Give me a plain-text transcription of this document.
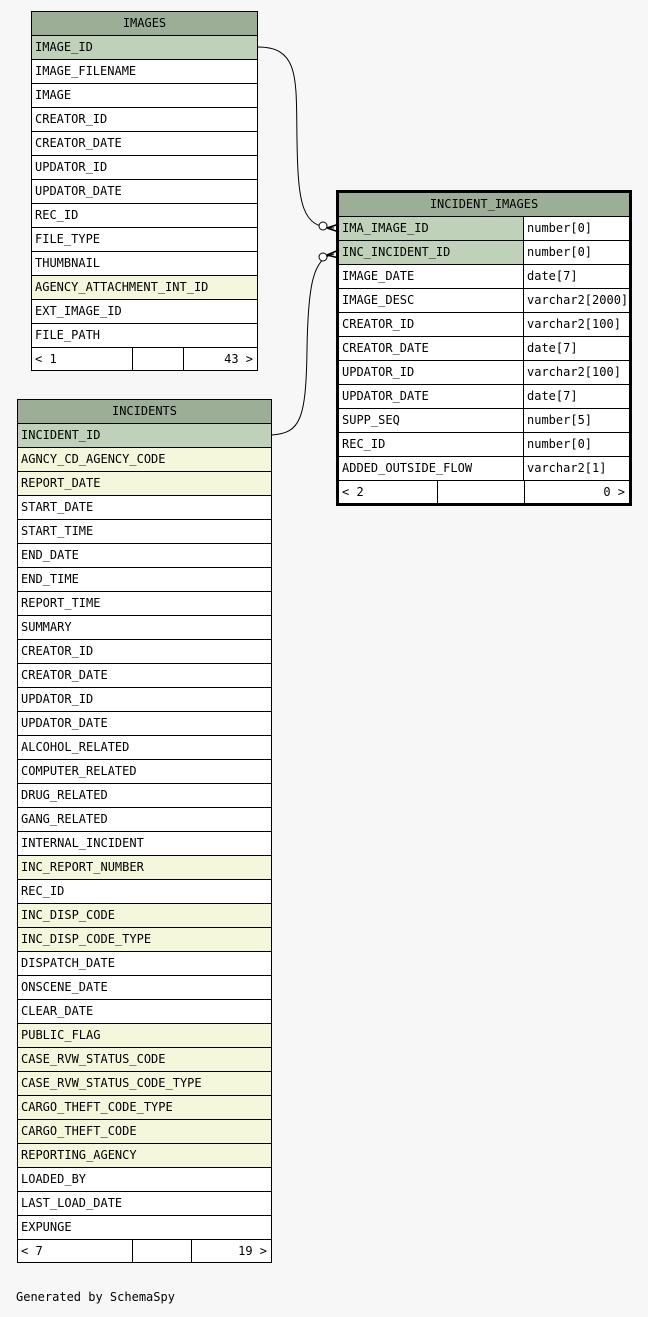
IMAGES
IMAGE_ID
IMAGE_FILENAME
IMAGE
CREATOR_ID
CREATOR_DATE
UPDATOR_ID
UPDATOR_DATE
REC_ID
FILE_TYPE
THUMBNAIL
AGENCY_ATTACHMENT_INT_ID
EXT_IMAGE_ID
FILE_PATH
< 1	43 >
INCIDENTS
INCIDENT_ID
AGNCY_CD_AGENCY_CODE
REPORT_DATE
START_DATE
START_TIME
END_DATE
END_TIME
REPORT_TIME
SUMMARY
CREATOR_ID
CREATOR_DATE
UPDATOR_ID
UPDATOR_DATE
ALCOHOL_RELATED
COMPUTER_RELATED
DRUG_RELATED
GANG_RELATED
INTERNAL_INCIDENT
INC_REPORT_NUMBER
REC_ID
INC_DISP_CODE
INC_DISP_CODE_TYPE
DISPATCH_DATE
ONSCENE_DATE
CLEAR_DATE
PUBLIC_FLAG
CASE_RVW_STATUS_CODE
CASE_RVW_STATUS_CODE_TYPE
CARGO_THEFT_CODE_TYPE
CARGO_THEFT_CODE
REPORTING_AGENCY
LOADED_BY
LAST_LOAD_DATE
EXPUNGE
< 7	19 >
INCIDENT_IMAGES
IMA_IMAGE_ID	number[0]
INC_INCIDENT_ID	number[0]
IMAGE_DATE	date[7]
IMAGE_DESC	varchar2[2000]
CREATOR_ID	varchar2[100]
CREATOR_DATE	date[7]
UPDATOR_ID	varchar2[100]
UPDATOR_DATE	date[7]
SUPP_SEQ	number[5]
REC_ID	number[0]
ADDED_OUTSIDE_FLOW	varchar2[1]
< 2	0 >
Generated by SchemaSpy
